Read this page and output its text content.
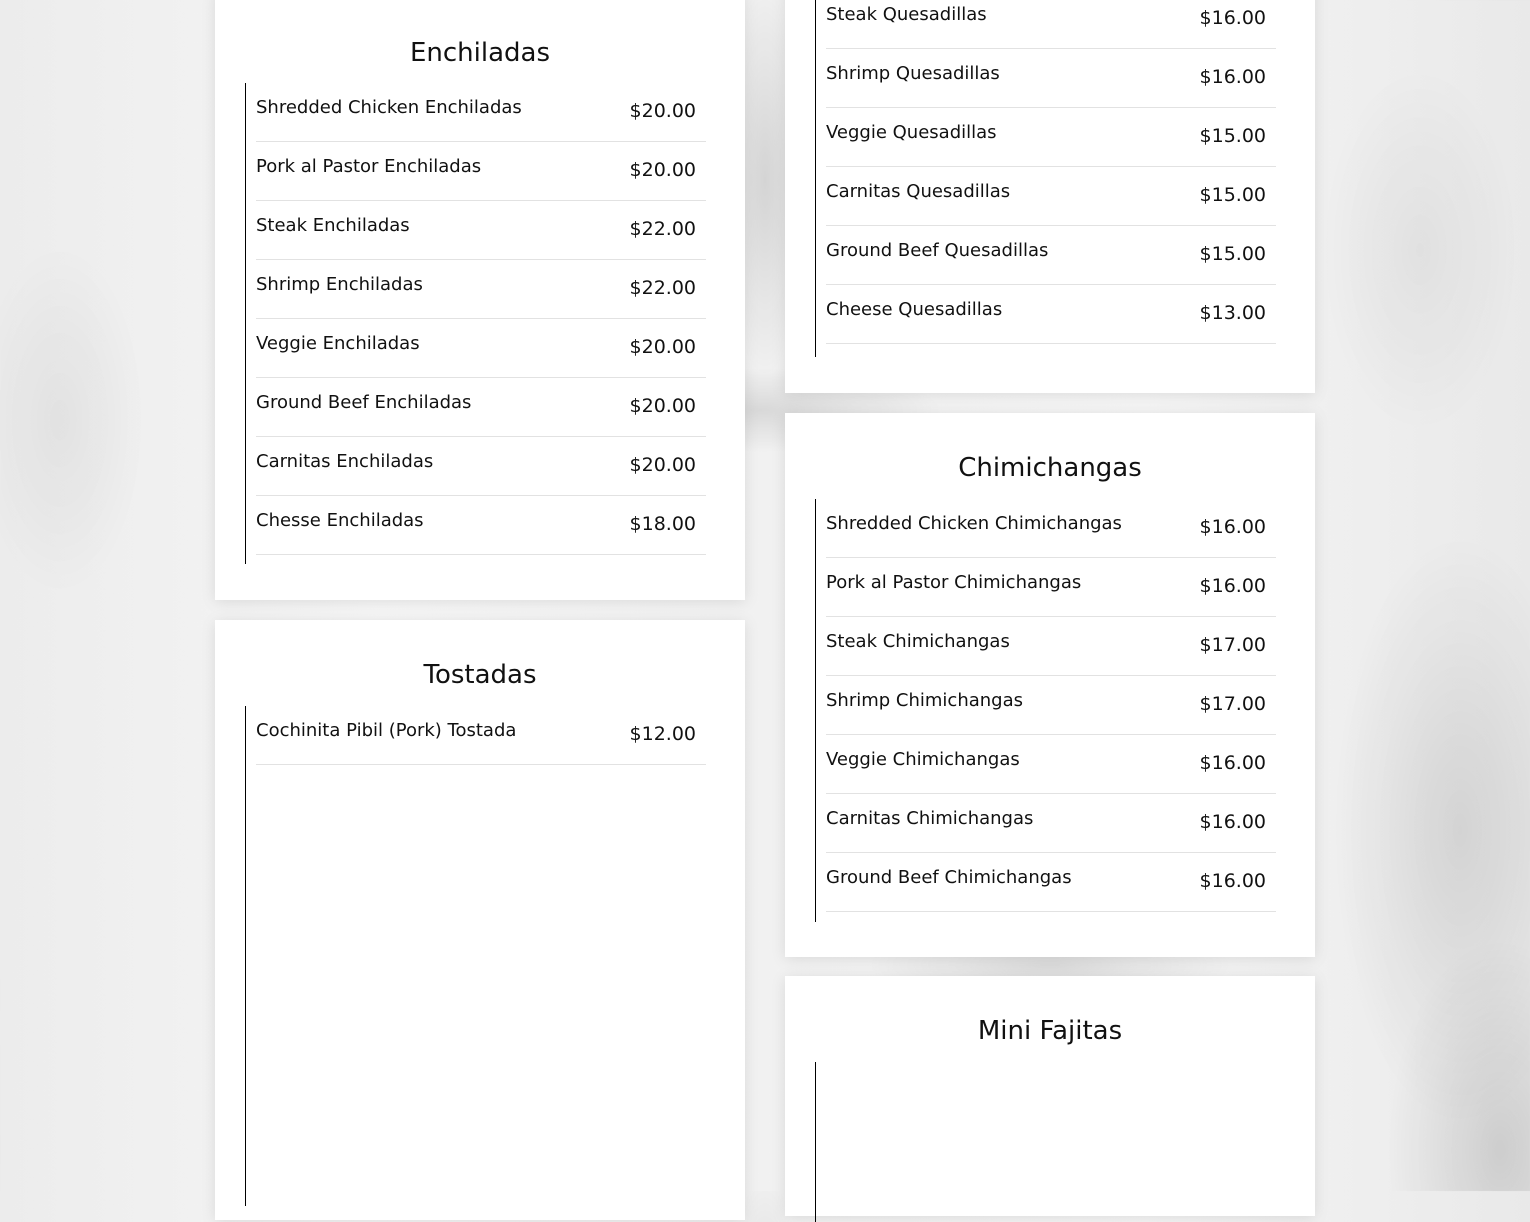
Enchiladas
Shredded Chicken Enchiladas	$20.00
Pork al Pastor Enchiladas	$20.00
Steak Enchiladas	$22.00
Shrimp Enchiladas	$22.00
Veggie Enchiladas	$20.00
Ground Beef Enchiladas	$20.00
Carnitas Enchiladas	$20.00
Chesse Enchiladas	$18.00
Tostadas
Cochinita Pibil (Pork) Tostada	$12.00
Steak Quesadillas	$16.00
Shrimp Quesadillas	$16.00
Veggie Quesadillas	$15.00
Carnitas Quesadillas	$15.00
Ground Beef Quesadillas	$15.00
Cheese Quesadillas	$13.00
Chimichangas
Shredded Chicken Chimichangas	$16.00
Pork al Pastor Chimichangas	$16.00
Steak Chimichangas	$17.00
Shrimp Chimichangas	$17.00
Veggie Chimichangas	$16.00
Carnitas Chimichangas	$16.00
Ground Beef Chimichangas	$16.00
Mini Fajitas
